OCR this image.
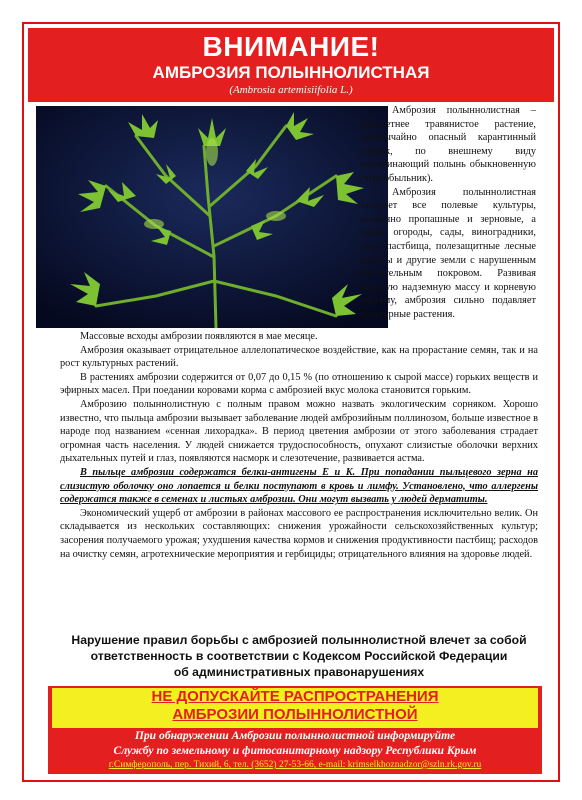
ВНИМАНИЕ!
АМБРОЗИЯ ПОЛЫННОЛИСТНАЯ
(Ambrosia artemisiifolia L.)

Амброзия полыннолистная – однолетнее травянистое растение, чрезвычайно опасный карантинный сорняк, по внешнему виду напоминающий полынь обыкновенную (чернобыльник).

Амброзия полыннолистная засоряет все полевые культуры, особенно пропашные и зерновые, а также огороды, сады, виноградники, луга, пастбища, полезащитные лесные полосы и другие земли с нарушенным растительным покровом. Развивая мощную надземную массу и корневую систему, амброзия сильно подавляет культурные растения.

Массовые всходы амброзии появляются в мае месяце.

Амброзия оказывает отрицательное аллелопатическое воздействие, как на прорастание семян, так и на рост культурных растений.

В растениях амброзии содержится от 0,07 до 0,15 % (по отношению к сырой массе) горьких веществ и эфирных масел. При поедании коровами корма с амброзией вкус молока становится горьким.

Амброзию полыннолистную с полным правом можно назвать экологическим сорняком. Хорошо известно, что пыльца амброзии вызывает заболевание людей амброзийным поллинозом, больше известное в народе под названием «сенная лихорадка». В период цветения амброзии от этого заболевания страдает огромная часть населения. У людей снижается трудоспособность, опухают слизистые оболочки верхних дыхательных путей и глаз, появляются насморк и слезотечение, развивается астма.

В пыльце амброзии содержатся белки-антигены E и K. При попадании пыльцевого зерна на слизистую оболочку оно лопается и белки поступают в кровь и лимфу. Установлено, что аллергены содержатся также в семенах и листьях амброзии. Они могут вызвать у людей дерматиты.

Экономический ущерб от амброзии в районах массового ее распространения исключительно велик. Он складывается из нескольких составляющих: снижения урожайности сельскохозяйственных культур; засорения получаемого урожая; ухудшения качества кормов и снижения продуктивности пастбищ; расходов на очистку семян, агротехнические мероприятия и гербициды; отрицательного влияния на здоровье людей.

Нарушение правил борьбы с амброзией полыннолистной влечет за собой
ответственность в соответствии с Кодексом Российской Федерации
об административных правонарушениях
НЕ ДОПУСКАЙТЕ РАСПРОСТРАНЕНИЯ
АМБРОЗИИ ПОЛЫННОЛИСТНОЙ
При обнаружении Амброзии полыннолистной информируйте
Службу по земельному и фитосанитарному надзору Республики Крым
г.Симферополь, пер. Тихий, 6, тел. (3652) 27-53-66, e-mail: krimselkhoznadzor@szln.rk.gov.ru
